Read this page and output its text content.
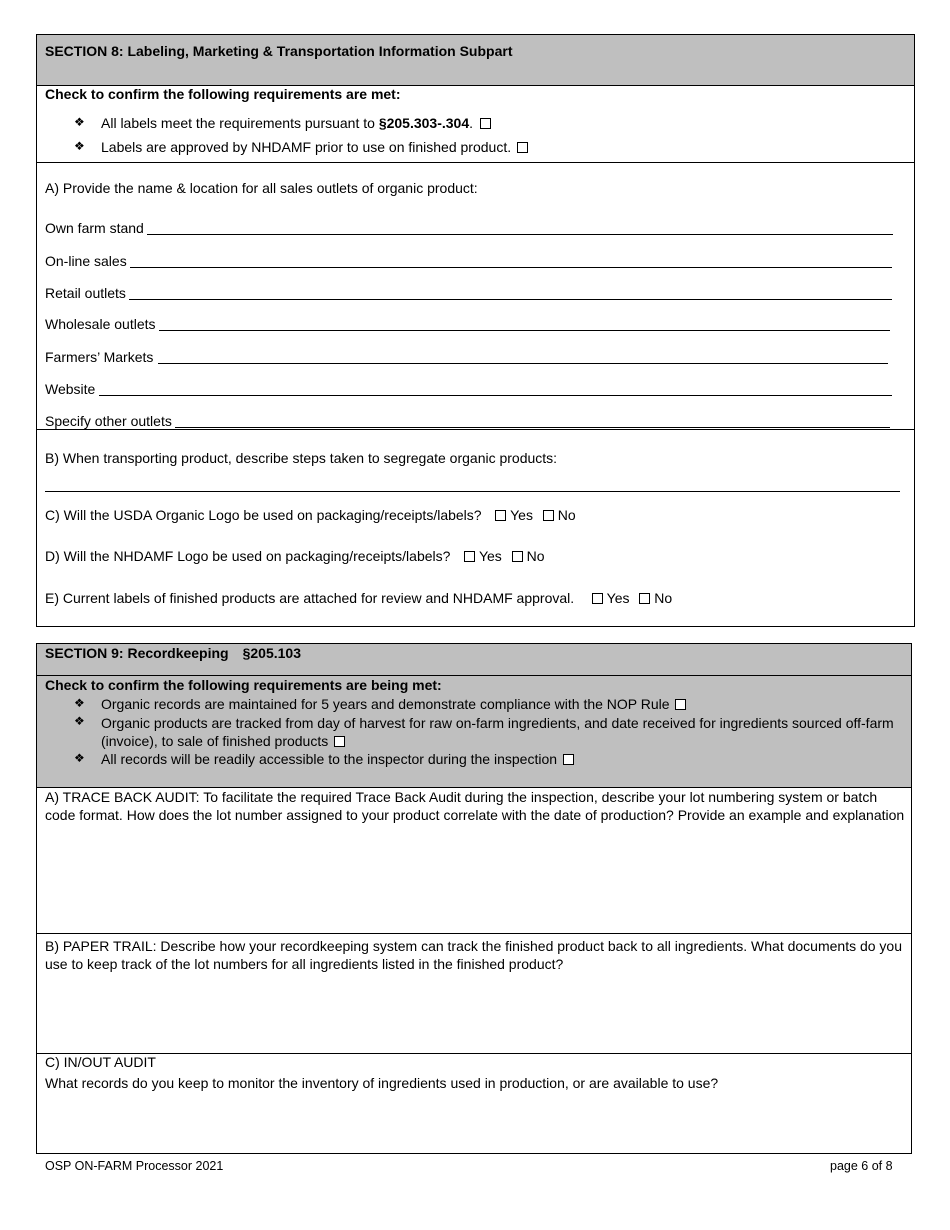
SECTION 8: Labeling, Marketing & Transportation Information Subpart
Check to confirm the following requirements are met:
❖ All labels meet the requirements pursuant to §205.303-.304.
❖ Labels are approved by NHDAMF prior to use on finished product.
A) Provide the name & location for all sales outlets of organic product:
Own farm stand
On-line sales
Retail outlets
Wholesale outlets
Farmers’ Markets
Website
Specify other outlets
B) When transporting product, describe steps taken to segregate organic products:
C) Will the USDA Organic Logo be used on packaging/receipts/labels? Yes No
D) Will the NHDAMF Logo be used on packaging/receipts/labels? Yes No
E) Current labels of finished products are attached for review and NHDAMF approval. Yes No
SECTION 9: Recordkeeping §205.103
Check to confirm the following requirements are being met:
❖ Organic records are maintained for 5 years and demonstrate compliance with the NOP Rule
❖ Organic products are tracked from day of harvest for raw on-farm ingredients, and date received for ingredients sourced off-farm (invoice), to sale of finished products
❖ All records will be readily accessible to the inspector during the inspection
A) TRACE BACK AUDIT: To facilitate the required Trace Back Audit during the inspection, describe your lot numbering system or batch code format. How does the lot number assigned to your product correlate with the date of production? Provide an example and explanation
B) PAPER TRAIL: Describe how your recordkeeping system can track the finished product back to all ingredients. What documents do you use to keep track of the lot numbers for all ingredients listed in the finished product?
C) IN/OUT AUDIT
What records do you keep to monitor the inventory of ingredients used in production, or are available to use?
OSP ON-FARM Processor 2021	page 6 of 8
